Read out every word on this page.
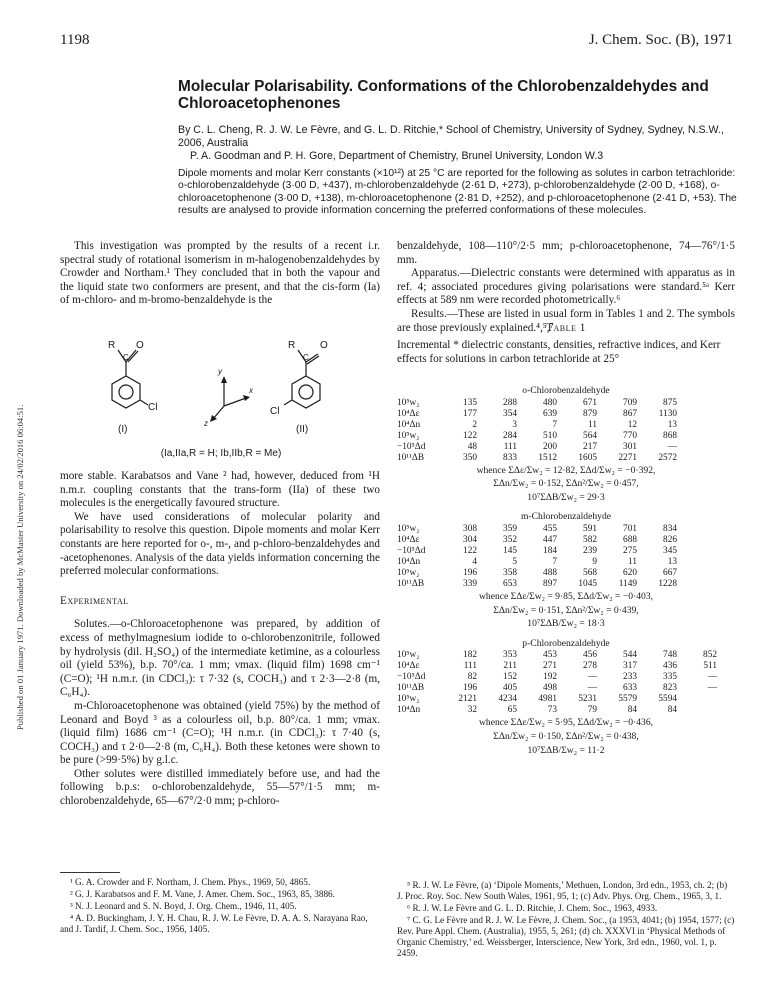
Published on 01 January 1971. Downloaded by McMaster University on 24/02/2016 06:04:51.
1198	J. Chem. Soc. (B), 1971
Molecular Polarisability. Conformations of the Chlorobenzaldehydes and Chloroacetophenones
By C. L. Cheng, R. J. W. Le Fèvre, and G. L. D. Ritchie,* School of Chemistry, University of Sydney, Sydney, N.S.W., 2006, Australia
P. A. Goodman and P. H. Gore, Department of Chemistry, Brunel University, London W.3
Dipole moments and molar Kerr constants (×10¹²) at 25 °C are reported for the following as solutes in carbon tetrachloride: o-chlorobenzaldehyde (3·00 D, +437), m-chlorobenzaldehyde (2·61 D, +273), p-chlorobenzaldehyde (2·00 D, +168), o-chloroacetophenone (3·00 D, +138), m-chloroacetophenone (2·81 D, +252), and p-chloroacetophenone (2·41 D, +53). The results are analysed to provide information concerning the preferred conformations of these molecules.

This investigation was prompted by the results of a recent i.r. spectral study of rotational isomerism in m-halogenobenzaldehydes by Crowder and Northam.¹ They concluded that in both the vapour and the liquid state two conformers are present, and that the cis-form (Ia) of m-chloro- and m-bromo-benzaldehyde is the

R
C
O
Cl
y
x
z
R
C
O
Cl
(I)	(II)
(Ia,IIa,R = H; Ib,IIb,R = Me)

more stable. Karabatsos and Vane ² had, however, deduced from ¹H n.m.r. coupling constants that the trans-form (IIa) of these two molecules is the energetically favoured structure.

We have used considerations of molecular polarity and polarisability to resolve this question. Dipole moments and molar Kerr constants are here reported for o-, m-, and p-chloro-benzaldehydes and -acetophenones. Analysis of the data yields information concerning the preferred molecular conformations.

Experimental

Solutes.—o-Chloroacetophenone was prepared, by addition of excess of methylmagnesium iodide to o-chlorobenzonitrile, followed by hydrolysis (dil. H₂SO₄) of the intermediate ketimine, as a colourless oil (yield 53%), b.p. 70°/ca. 1 mm; νmax. (liquid film) 1698 cm⁻¹ (C=O); ¹H n.m.r. (in CDCl₃): τ 7·32 (s, COCH₃) and τ 2·3—2·8 (m, C₆H₄).

m-Chloroacetophenone was obtained (yield 75%) by the method of Leonard and Boyd ³ as a colourless oil, b.p. 80°/ca. 1 mm; νmax. (liquid film) 1686 cm⁻¹ (C=O); ¹H n.m.r. (in CDCl₃): τ 7·40 (s, COCH₃) and τ 2·0—2·8 (m, C₆H₄). Both these ketones were shown to be pure (>99·5%) by g.l.c.

Other solutes were distilled immediately before use, and had the following b.p.s: o-chlorobenzaldehyde, 55—57°/1·5 mm; m-chlorobenzaldehyde, 65—67°/2·0 mm; p-chloro-

¹ G. A. Crowder and F. Northam, J. Chem. Phys., 1969, 50, 4865.

² G. J. Karabatsos and F. M. Vane, J. Amer. Chem. Soc., 1963, 85, 3886.

³ N. J. Leonard and S. N. Boyd, J. Org. Chem., 1946, 11, 405.

⁴ A. D. Buckingham, J. Y. H. Chau, R. J. W. Le Fèvre, D. A. A. S. Narayana Rao, and J. Tardif, J. Chem. Soc., 1956, 1405.

benzaldehyde, 108—110°/2·5 mm; p-chloroacetophenone, 74—76°/1·5 mm.

Apparatus.—Dielectric constants were determined with apparatus as in ref. 4; associated procedures giving polarisations were standard.⁵ᵃ Kerr effects at 589 nm were recorded photometrically.⁶

Results.—These are listed in usual form in Tables 1 and 2. The symbols are those previously explained.⁴,⁵,⁷

Table 1
Incremental * dielectric constants, densities, refractive indices, and Kerr effects for solutions in carbon tetrachloride at 25°
o-Chlorobenzaldehyde
10⁵w₂	135	288	480	671	709	875
10⁴Δε	177	354	639	879	867	1130
10⁴Δn	2	3	7	11	12	13
10⁵w₂	122	284	510	564	770	868
−10⁵Δd	48	111	200	217	301	—
10¹¹ΔB	350	833	1512	1605	2271	2572
whence ΣΔε/Σw₂ = 12·82, ΣΔd/Σw₂ = −0·392,
ΣΔn/Σw₂ = 0·152, ΣΔn²/Σw₂ = 0·457,
10⁷ΣΔB/Σw₂ = 29·3
m-Chlorobenzaldehyde
10⁵w₂	308	359	455	591	701	834
10⁴Δε	304	352	447	582	688	826
−10⁵Δd	122	145	184	239	275	345
10⁴Δn	4	5	7	9	11	13
10⁵w₂	196	358	488	568	620	667
10¹¹ΔB	339	653	897	1045	1149	1228
whence ΣΔε/Σw₂ = 9·85, ΣΔd/Σw₂ = −0·403,
ΣΔn/Σw₂ = 0·151, ΣΔn²/Σw₂ = 0·439,
10⁷ΣΔB/Σw₂ = 18·3
p-Chlorobenzaldehyde
10⁵w₂	182	353	453	456	544	748	852
10⁴Δε	111	211	271	278	317	436	511
−10⁵Δd	82	152	192	—	233	335	—
10¹¹ΔB	196	405	498	—	633	823	—
10⁵w₂	2121	4234	4981	5231	5579	5594	
10⁴Δn	32	65	73	79	84	84	
whence ΣΔε/Σw₂ = 5·95, ΣΔd/Σw₂ = −0·436,
ΣΔn/Σw₂ = 0·150, ΣΔn²/Σw₂ = 0·438,
10⁷ΣΔB/Σw₂ = 11·2

⁵ R. J. W. Le Fèvre, (a) ‘Dipole Moments,’ Methuen, London, 3rd edn., 1953, ch. 2; (b) J. Proc. Roy. Soc. New South Wales, 1961, 95, 1; (c) Adv. Phys. Org. Chem., 1965, 3, 1.

⁶ R. J. W. Le Fèvre and G. L. D. Ritchie, J. Chem. Soc., 1963, 4933.

⁷ C. G. Le Fèvre and R. J. W. Le Fèvre, J. Chem. Soc., (a 1953, 4041; (b) 1954, 1577; (c) Rev. Pure Appl. Chem. (Australia), 1955, 5, 261; (d) ch. XXXVI in ‘Physical Methods of Organic Chemistry,’ ed. Weissberger, Interscience, New York, 3rd edn., 1960, vol. 1, p. 2459.
